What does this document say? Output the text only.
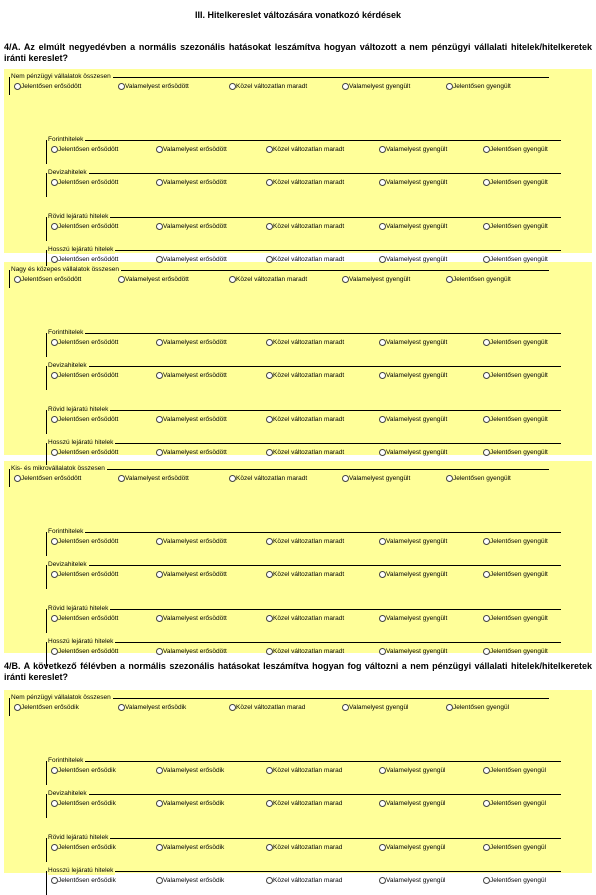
III. Hitelkereslet változására vonatkozó kérdések
4/A. Az elmúlt negyedévben a normális szezonális hatásokat leszámítva hogyan változott a nem pénzügyi vállalati hitelek/hitelkeretek iránti kereslet?
4/B. A következő félévben a normális szezonális hatásokat leszámítva hogyan fog változni a nem pénzügyi vállalati hitelek/hitelkeretek iránti kereslet?
Nem pénzügyi vállalatok összesen
Jelentősen erősödött	Valamelyest erősödött	Közel változatlan maradt	Valamelyest gyengült	Jelentősen gyengült
Forinthitelek
Jelentősen erősödött	Valamelyest erősödött	Közel változatlan maradt	Valamelyest gyengült	Jelentősen gyengült
Devizahitelek
Jelentősen erősödött	Valamelyest erősödött	Közel változatlan maradt	Valamelyest gyengült	Jelentősen gyengült
Rövid lejáratú hitelek
Jelentősen erősödött	Valamelyest erősödött	Közel változatlan maradt	Valamelyest gyengült	Jelentősen gyengült
Hosszú lejáratú hitelek
Jelentősen erősödött	Valamelyest erősödött	Közel változatlan maradt	Valamelyest gyengült	Jelentősen gyengült
Nagy és közepes vállalatok összesen
Jelentősen erősödött	Valamelyest erősödött	Közel változatlan maradt	Valamelyest gyengült	Jelentősen gyengült
Forinthitelek
Jelentősen erősödött	Valamelyest erősödött	Közel változatlan maradt	Valamelyest gyengült	Jelentősen gyengült
Devizahitelek
Jelentősen erősödött	Valamelyest erősödött	Közel változatlan maradt	Valamelyest gyengült	Jelentősen gyengült
Rövid lejáratú hitelek
Jelentősen erősödött	Valamelyest erősödött	Közel változatlan maradt	Valamelyest gyengült	Jelentősen gyengült
Hosszú lejáratú hitelek
Jelentősen erősödött	Valamelyest erősödött	Közel változatlan maradt	Valamelyest gyengült	Jelentősen gyengült
Kis- és mikrovállalatok összesen
Jelentősen erősödött	Valamelyest erősödött	Közel változatlan maradt	Valamelyest gyengült	Jelentősen gyengült
Forinthitelek
Jelentősen erősödött	Valamelyest erősödött	Közel változatlan maradt	Valamelyest gyengült	Jelentősen gyengült
Devizahitelek
Jelentősen erősödött	Valamelyest erősödött	Közel változatlan maradt	Valamelyest gyengült	Jelentősen gyengült
Rövid lejáratú hitelek
Jelentősen erősödött	Valamelyest erősödött	Közel változatlan maradt	Valamelyest gyengült	Jelentősen gyengült
Hosszú lejáratú hitelek
Jelentősen erősödött	Valamelyest erősödött	Közel változatlan maradt	Valamelyest gyengült	Jelentősen gyengült
Nem pénzügyi vállalatok összesen
Jelentősen erősödik	Valamelyest erősödik	Közel változatlan marad	Valamelyest gyengül	Jelentősen gyengül
Forinthitelek
Jelentősen erősödik	Valamelyest erősödik	Közel változatlan marad	Valamelyest gyengül	Jelentősen gyengül
Devizahitelek
Jelentősen erősödik	Valamelyest erősödik	Közel változatlan marad	Valamelyest gyengül	Jelentősen gyengül
Rövid lejáratú hitelek
Jelentősen erősödik	Valamelyest erősödik	Közel változatlan marad	Valamelyest gyengül	Jelentősen gyengül
Hosszú lejáratú hitelek
Jelentősen erősödik	Valamelyest erősödik	Közel változatlan marad	Valamelyest gyengül	Jelentősen gyengül
